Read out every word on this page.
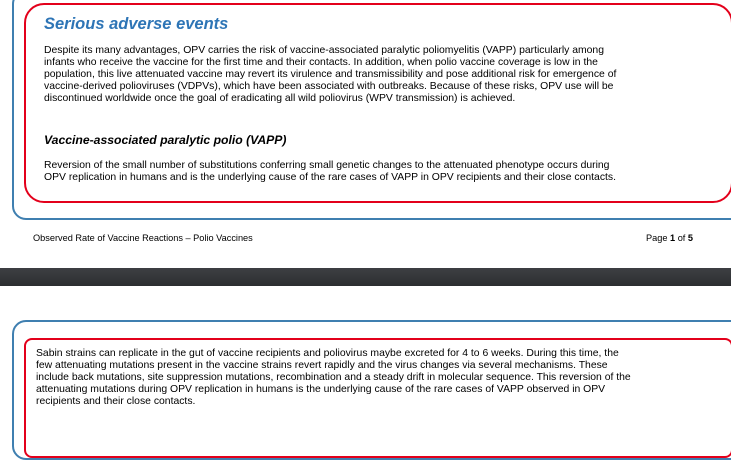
Serious adverse events

Despite its many advantages, OPV carries the risk of vaccine-associated paralytic poliomyelitis (VAPP) particularly among

infants who receive the vaccine for the first time and their contacts. In addition, when polio vaccine coverage is low in the

population, this live attenuated vaccine may revert its virulence and transmissibility and pose additional risk for emergence of

vaccine-derived polioviruses (VDPVs), which have been associated with outbreaks. Because of these risks, OPV use will be

discontinued worldwide once the goal of eradicating all wild poliovirus (WPV transmission) is achieved.

Vaccine-associated paralytic polio (VAPP)

Reversion of the small number of substitutions conferring small genetic changes to the attenuated phenotype occurs during

OPV replication in humans and is the underlying cause of the rare cases of VAPP in OPV recipients and their close contacts.

Observed Rate of Vaccine Reactions – Polio Vaccines	Page 1 of 5

Sabin strains can replicate in the gut of vaccine recipients and poliovirus maybe excreted for 4 to 6 weeks. During this time, the

few attenuating mutations present in the vaccine strains revert rapidly and the virus changes via several mechanisms. These

include back mutations, site suppression mutations, recombination and a steady drift in molecular sequence. This reversion of the

attenuating mutations during OPV replication in humans is the underlying cause of the rare cases of VAPP observed in OPV

recipients and their close contacts.
